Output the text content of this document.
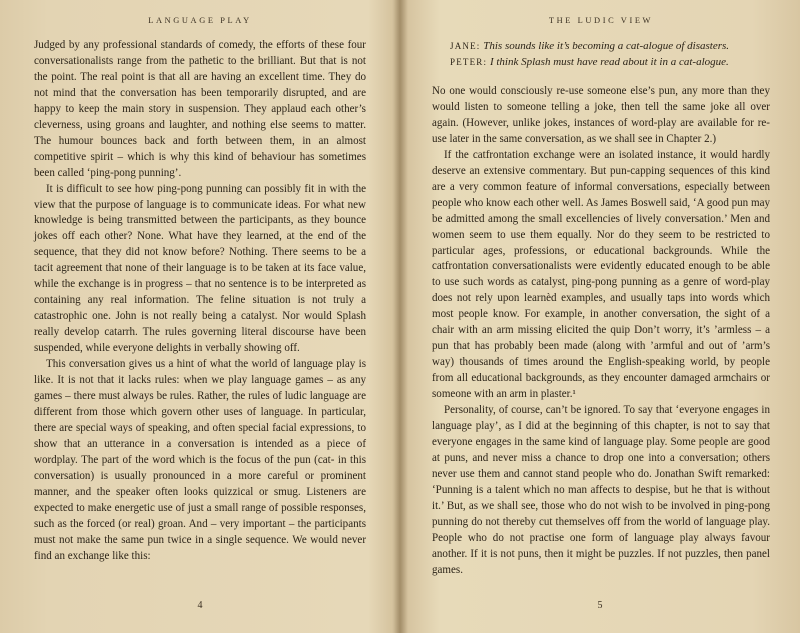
LANGUAGE PLAY

Judged by any professional standards of comedy, the efforts of these four conversationalists range from the pathetic to the brilliant. But that is not the point. The real point is that all are having an excellent time. They do not mind that the conversation has been temporarily disrupted, and are happy to keep the main story in suspension. They applaud each other’s cleverness, using groans and laughter, and nothing else seems to matter. The humour bounces back and forth between them, in an almost competitive spirit – which is why this kind of behaviour has sometimes been called ‘ping-pong punning’.

It is difficult to see how ping-pong punning can possibly fit in with the view that the purpose of language is to communicate ideas. For what new knowledge is being transmitted between the participants, as they bounce jokes off each other? None. What have they learned, at the end of the sequence, that they did not know before? Nothing. There seems to be a tacit agreement that none of their language is to be taken at its face value, while the exchange is in progress – that no sentence is to be interpreted as containing any real information. The feline situation is not truly a catastrophic one. John is not really being a catalyst. Nor would Splash really develop catarrh. The rules governing literal discourse have been suspended, while everyone delights in verbally showing off.

This conversation gives us a hint of what the world of language play is like. It is not that it lacks rules: when we play language games – as any games – there must always be rules. Rather, the rules of ludic language are different from those which govern other uses of language. In particular, there are special ways of speaking, and often special facial expressions, to show that an utterance in a conversation is intended as a piece of wordplay. The part of the word which is the focus of the pun (cat- in this conversation) is usually pronounced in a more careful or prominent manner, and the speaker often looks quizzical or smug. Listeners are expected to make energetic use of just a small range of possible responses, such as the forced (or real) groan. And – very important – the participants must not make the same pun twice in a single sequence. We would never find an exchange like this:

4
THE LUDIC VIEW
JANE: This sounds like it’s becoming a cat-alogue of disasters.
PETER: I think Splash must have read about it in a cat-alogue.

No one would consciously re-use someone else’s pun, any more than they would listen to someone telling a joke, then tell the same joke all over again. (However, unlike jokes, instances of word-play are available for re-use later in the same conversation, as we shall see in Chapter 2.)

If the catfrontation exchange were an isolated instance, it would hardly deserve an extensive commentary. But pun-capping sequences of this kind are a very common feature of informal conversations, especially between people who know each other well. As James Boswell said, ‘A good pun may be admitted among the small excellencies of lively conversation.’ Men and women seem to use them equally. Nor do they seem to be restricted to particular ages, professions, or educational backgrounds. While the catfrontation conversationalists were evidently educated enough to be able to use such words as catalyst, ping-pong punning as a genre of word-play does not rely upon learnèd examples, and usually taps into words which most people know. For example, in another conversation, the sight of a chair with an arm missing elicited the quip Don’t worry, it’s ’armless – a pun that has probably been made (along with ’armful and out of ’arm’s way) thousands of times around the English-speaking world, by people from all educational backgrounds, as they encounter damaged armchairs or someone with an arm in plaster.¹

Personality, of course, can’t be ignored. To say that ‘everyone engages in language play’, as I did at the beginning of this chapter, is not to say that everyone engages in the same kind of language play. Some people are good at puns, and never miss a chance to drop one into a conversation; others never use them and cannot stand people who do. Jonathan Swift remarked: ‘Punning is a talent which no man affects to despise, but he that is without it.’ But, as we shall see, those who do not wish to be involved in ping-pong punning do not thereby cut themselves off from the world of language play. People who do not practise one form of language play always favour another. If it is not puns, then it might be puzzles. If not puzzles, then panel games.

5
